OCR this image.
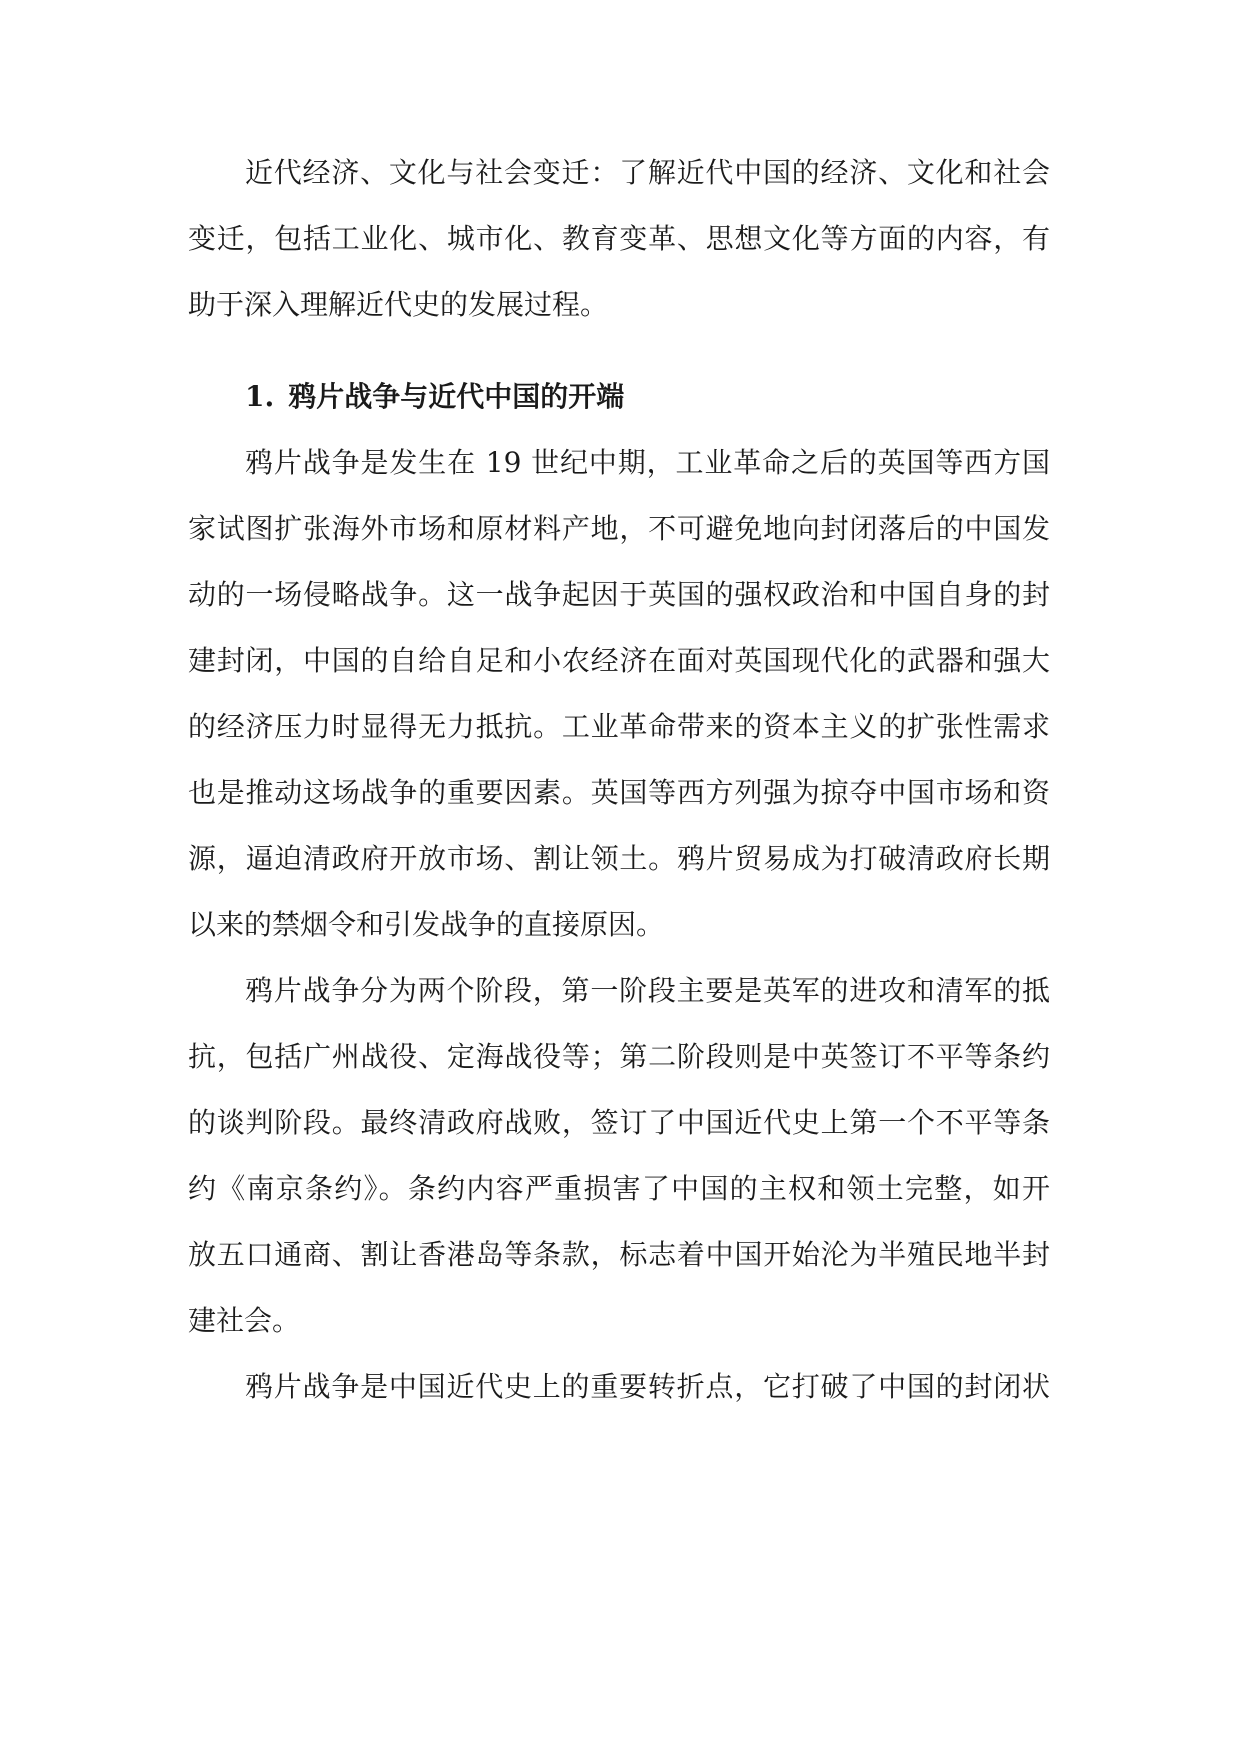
近代经济、文化与社会变迁：了解近代中国的经济、文化和社会
变迁，包括工业化、城市化、教育变革、思想文化等方面的内容，有
助于深入理解近代史的发展过程。
1. 鸦片战争与近代中国的开端
鸦片战争是发生在 19 世纪中期，工业革命之后的英国等西方国
家试图扩张海外市场和原材料产地，不可避免地向封闭落后的中国发
动的一场侵略战争。这一战争起因于英国的强权政治和中国自身的封
建封闭，中国的自给自足和小农经济在面对英国现代化的武器和强大
的经济压力时显得无力抵抗。工业革命带来的资本主义的扩张性需求
也是推动这场战争的重要因素。英国等西方列强为掠夺中国市场和资
源，逼迫清政府开放市场、割让领土。鸦片贸易成为打破清政府长期
以来的禁烟令和引发战争的直接原因。
鸦片战争分为两个阶段，第一阶段主要是英军的进攻和清军的抵
抗，包括广州战役、定海战役等；第二阶段则是中英签订不平等条约
的谈判阶段。最终清政府战败，签订了中国近代史上第一个不平等条
约《南京条约》。条约内容严重损害了中国的主权和领土完整，如开
放五口通商、割让香港岛等条款，标志着中国开始沦为半殖民地半封
建社会。
鸦片战争是中国近代史上的重要转折点，它打破了中国的封闭状
